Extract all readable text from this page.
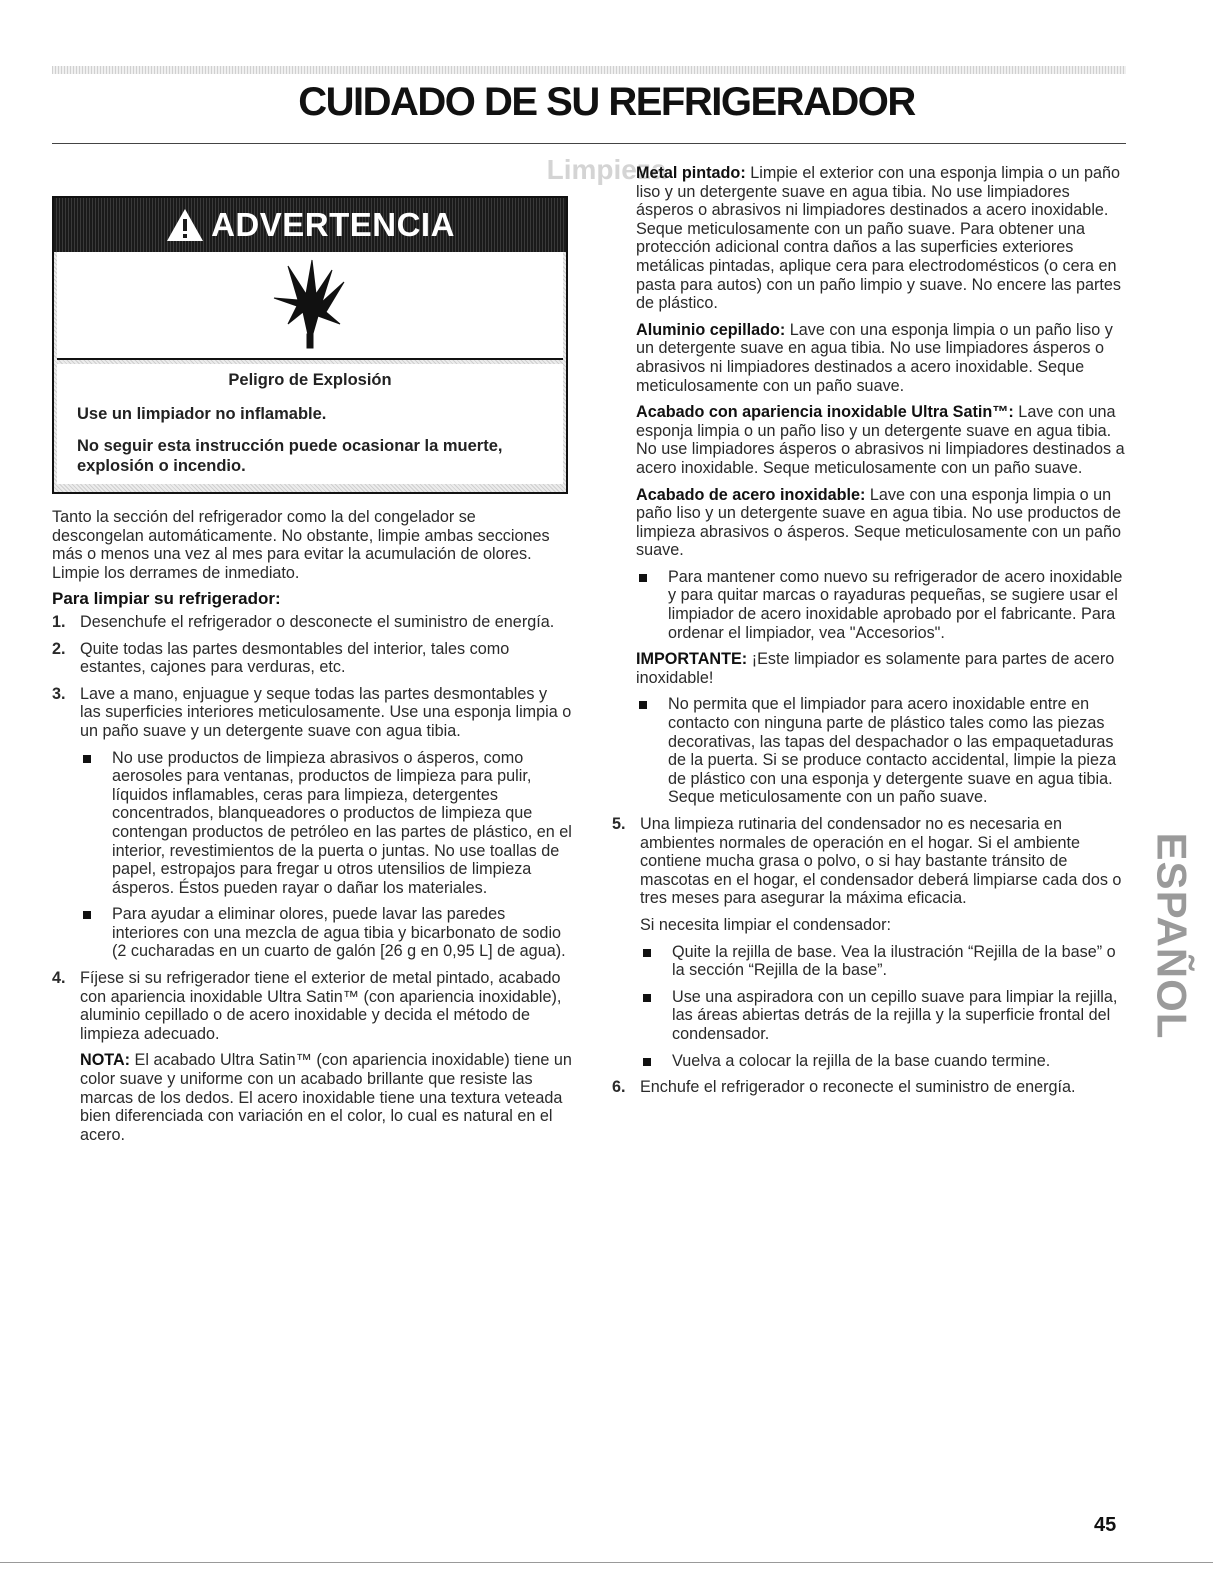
CUIDADO DE SU REFRIGERADOR
Limpieza
ADVERTENCIA
Peligro de Explosión
Use un limpiador no inflamable.
No seguir esta instrucción puede ocasionar la muerte, explosión o incendio.

Tanto la sección del refrigerador como la del congelador se descongelan automáticamente. No obstante, limpie ambas secciones más o menos una vez al mes para evitar la acumulación de olores. Limpie los derrames de inmediato.

Para limpiar su refrigerador:
1. Desenchufe el refrigerador o desconecte el suministro de energía.
2. Quite todas las partes desmontables del interior, tales como estantes, cajones para verduras, etc.
3. Lave a mano, enjuague y seque todas las partes desmontables y las superficies interiores meticulosamente. Use una esponja limpia o un paño suave y un detergente suave con agua tibia.
No use productos de limpieza abrasivos o ásperos, como aerosoles para ventanas, productos de limpieza para pulir, líquidos inflamables, ceras para limpieza, detergentes concentrados, blanqueadores o productos de limpieza que contengan productos de petróleo en las partes de plástico, en el interior, revestimientos de la puerta o juntas. No use toallas de papel, estropajos para fregar u otros utensilios de limpieza ásperos. Éstos pueden rayar o dañar los materiales.
Para ayudar a eliminar olores, puede lavar las paredes interiores con una mezcla de agua tibia y bicarbonato de sodio (2 cucharadas en un cuarto de galón [26 g en 0,95 L] de agua).
4. Fíjese si su refrigerador tiene el exterior de metal pintado, acabado con apariencia inoxidable Ultra Satin™ (con apariencia inoxidable), aluminio cepillado o de acero inoxidable y decida el método de limpieza adecuado.

NOTA: El acabado Ultra Satin™ (con apariencia inoxidable) tiene un color suave y uniforme con un acabado brillante que resiste las marcas de los dedos. El acero inoxidable tiene una textura veteada bien diferenciada con variación en el color, lo cual es natural en el acero.

Metal pintado: Limpie el exterior con una esponja limpia o un paño liso y un detergente suave en agua tibia. No use limpiadores ásperos o abrasivos ni limpiadores destinados a acero inoxidable. Seque meticulosamente con un paño suave. Para obtener una protección adicional contra daños a las superficies exteriores metálicas pintadas, aplique cera para electrodomésticos (o cera en pasta para autos) con un paño limpio y suave. No encere las partes de plástico.

Aluminio cepillado: Lave con una esponja limpia o un paño liso y un detergente suave en agua tibia. No use limpiadores ásperos o abrasivos ni limpiadores destinados a acero inoxidable. Seque meticulosamente con un paño suave.

Acabado con apariencia inoxidable Ultra Satin™: Lave con una esponja limpia o un paño liso y un detergente suave en agua tibia. No use limpiadores ásperos o abrasivos ni limpiadores destinados a acero inoxidable. Seque meticulosamente con un paño suave.

Acabado de acero inoxidable: Lave con una esponja limpia o un paño liso y un detergente suave en agua tibia. No use productos de limpieza abrasivos o ásperos. Seque meticulosamente con un paño suave.

Para mantener como nuevo su refrigerador de acero inoxidable y para quitar marcas o rayaduras pequeñas, se sugiere usar el limpiador de acero inoxidable aprobado por el fabricante. Para ordenar el limpiador, vea "Accesorios".

IMPORTANTE: ¡Este limpiador es solamente para partes de acero inoxidable!

No permita que el limpiador para acero inoxidable entre en contacto con ninguna parte de plástico tales como las piezas decorativas, las tapas del despachador o las empaquetaduras de la puerta. Si se produce contacto accidental, limpie la pieza de plástico con una esponja y detergente suave en agua tibia. Seque meticulosamente con un paño suave.
5. Una limpieza rutinaria del condensador no es necesaria en ambientes normales de operación en el hogar. Si el ambiente contiene mucha grasa o polvo, o si hay bastante tránsito de mascotas en el hogar, el condensador deberá limpiarse cada dos o tres meses para asegurar la máxima eficacia.

Si necesita limpiar el condensador:

Quite la rejilla de base. Vea la ilustración “Rejilla de la base” o la sección “Rejilla de la base”.
Use una aspiradora con un cepillo suave para limpiar la rejilla, las áreas abiertas detrás de la rejilla y la superficie frontal del condensador.
Vuelva a colocar la rejilla de la base cuando termine.
6. Enchufe el refrigerador o reconecte el suministro de energía.
ESPAÑOL
45
